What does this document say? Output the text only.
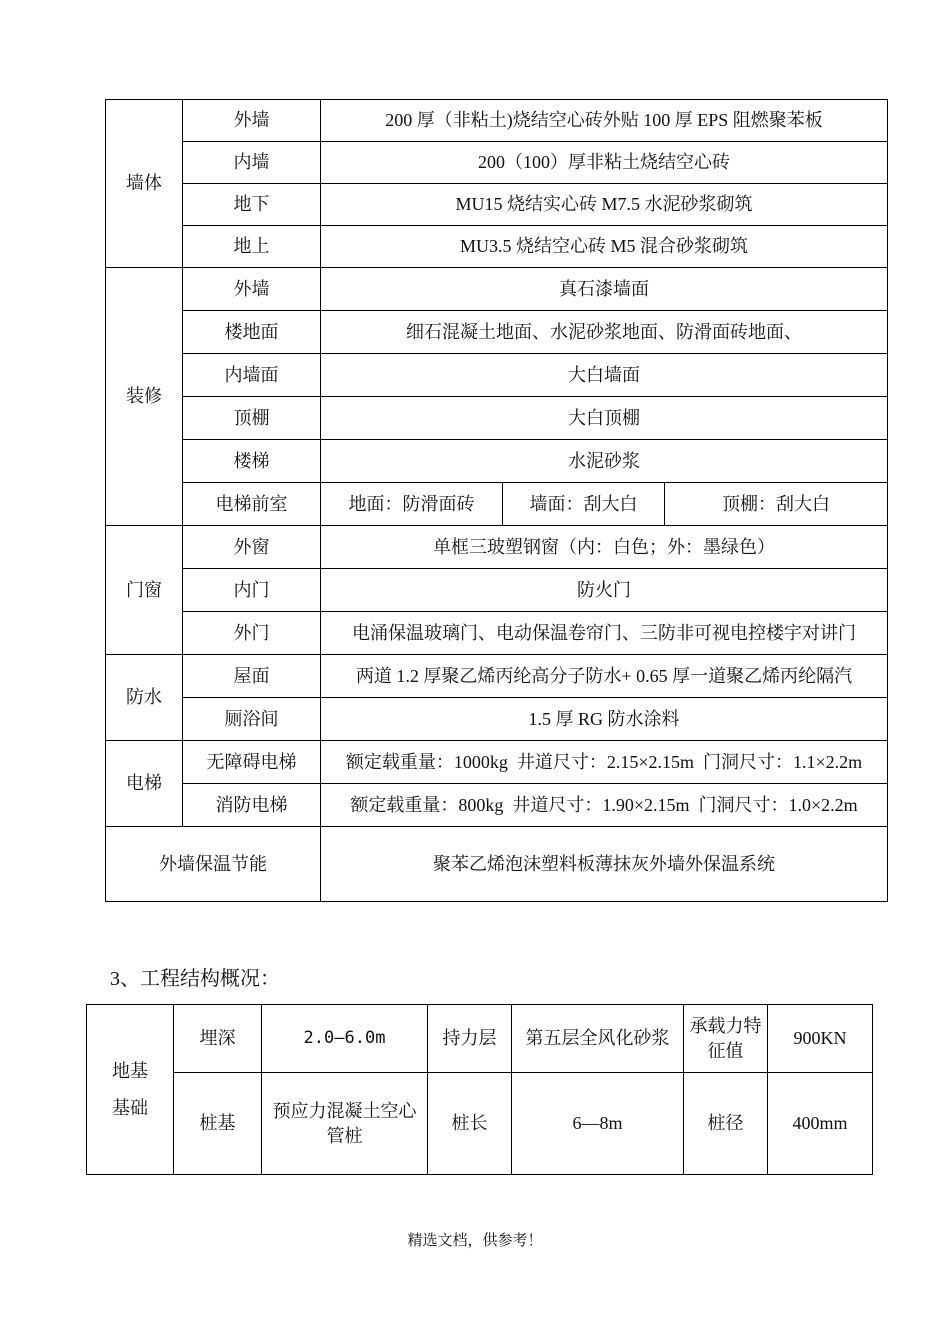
墙体	外墙	200 厚（非粘土)烧结空心砖外贴 100 厚 EPS 阻燃聚苯板		
	内墙	200（100）厚非粘土烧结空心砖		
	地下	MU15 烧结实心砖 M7.5 水泥砂浆砌筑		
	地上	MU3.5 烧结空心砖 M5 混合砂浆砌筑		
装修	外墙	真石漆墙面		
	楼地面	细石混凝土地面、水泥砂浆地面、防滑面砖地面、		
	内墙面	大白墙面		
	顶棚	大白顶棚		
	楼梯	水泥砂浆		
	电梯前室	地面：防滑面砖	墙面：刮大白	顶棚：刮大白
门窗	外窗	单框三玻塑钢窗（内：白色；外：墨绿色）		
	内门	防火门		
	外门	电涌保温玻璃门、电动保温卷帘门、三防非可视电控楼宇对讲门		
防水	屋面	两道 1.2 厚聚乙烯丙纶高分子防水+ 0.65 厚一道聚乙烯丙纶隔汽		
	厕浴间	1.5 厚 RG 防水涂料		
电梯	无障碍电梯	额定载重量：1000kg  井道尺寸：2.15×2.15m  门洞尺寸：1.1×2.2m		
	消防电梯	额定载重量：800kg  井道尺寸：1.90×2.15m  门洞尺寸：1.0×2.2m		
外墙保温节能		聚苯乙烯泡沫塑料板薄抹灰外墙外保温系统		
3、工程结构概况：
地基
基础	埋深	2.0—6.0m	持力层	第五层全风化砂浆	承载力特征值	900KN
	桩基	预应力混凝土空心管桩	桩长	6—8m	桩径	400mm
精选文档，供参考！
